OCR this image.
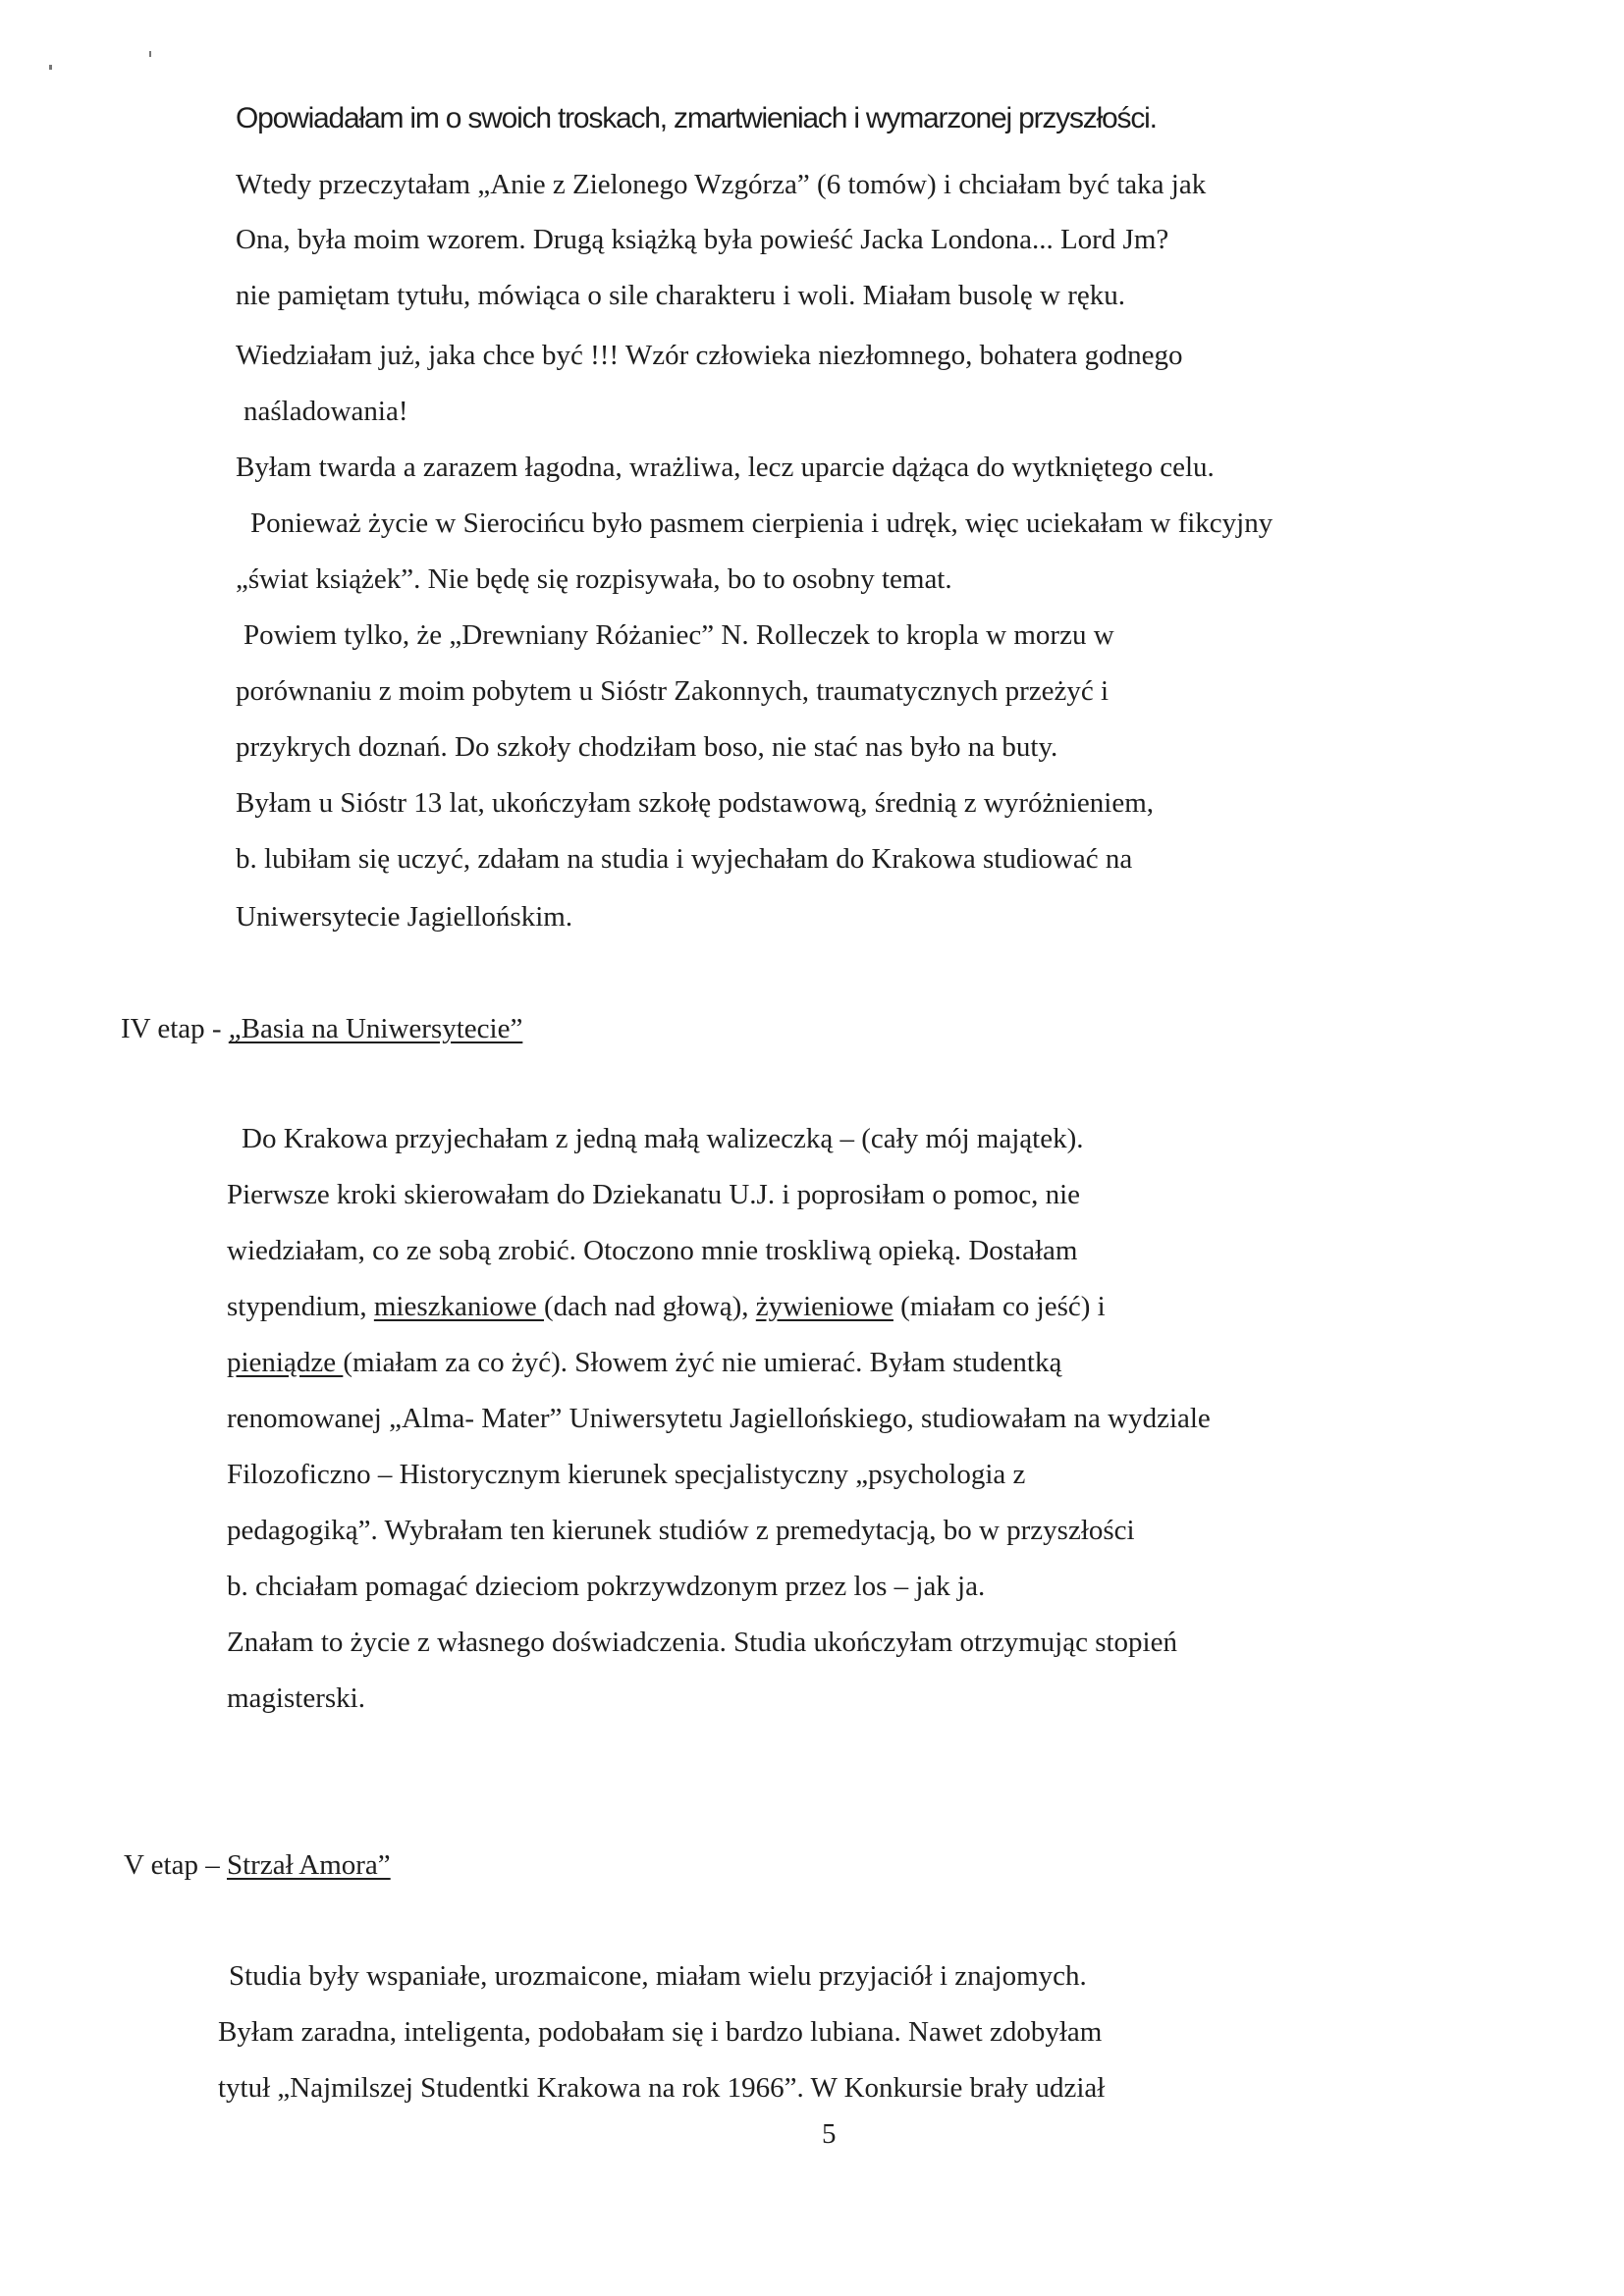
Opowiadałam im o swoich troskach, zmartwieniach i wymarzonej przyszłości.

Wtedy przeczytałam „Anie z Zielonego Wzgórza” (6 tomów) i chciałam być taka jak

Ona, była moim wzorem. Drugą książką była powieść Jacka Londona... Lord Jm?

nie pamiętam tytułu, mówiąca o sile charakteru i woli. Miałam busolę w ręku.

Wiedziałam już, jaka chce być !!! Wzór człowieka niezłomnego, bohatera godnego

naśladowania!

Byłam twarda a zarazem łagodna, wrażliwa, lecz uparcie dążąca do wytkniętego celu.

Ponieważ życie w Sierocińcu było pasmem cierpienia i udręk, więc uciekałam w fikcyjny

„świat książek”. Nie będę się rozpisywała, bo to osobny temat.

Powiem tylko, że „Drewniany Różaniec” N. Rolleczek to kropla w morzu w

porównaniu z moim pobytem u Sióstr Zakonnych, traumatycznych przeżyć i

przykrych doznań. Do szkoły chodziłam boso, nie stać nas było na buty.

Byłam u Sióstr 13 lat, ukończyłam szkołę podstawową, średnią z wyróżnieniem,

b. lubiłam się uczyć, zdałam na studia i wyjechałam do Krakowa studiować na

Uniwersytecie Jagiellońskim.

IV etap - „Basia na Uniwersytecie”

Do Krakowa przyjechałam z jedną małą walizeczką – (cały mój majątek).

Pierwsze kroki skierowałam do Dziekanatu U.J. i poprosiłam o pomoc, nie

wiedziałam, co ze sobą zrobić. Otoczono mnie troskliwą opieką. Dostałam

stypendium, mieszkaniowe (dach nad głową), żywieniowe (miałam co jeść) i

pieniądze (miałam za co żyć). Słowem żyć nie umierać. Byłam studentką

renomowanej „Alma- Mater” Uniwersytetu Jagiellońskiego, studiowałam na wydziale

Filozoficzno – Historycznym kierunek specjalistyczny „psychologia z

pedagogiką”. Wybrałam ten kierunek studiów z premedytacją, bo w przyszłości

b. chciałam pomagać dzieciom pokrzywdzonym przez los – jak ja.

Znałam to życie z własnego doświadczenia. Studia ukończyłam otrzymując stopień

magisterski.

V etap – Strzał Amora”

Studia były wspaniałe, urozmaicone, miałam wielu przyjaciół i znajomych.

Byłam zaradna, inteligenta, podobałam się i bardzo lubiana. Nawet zdobyłam

tytuł „Najmilszej Studentki Krakowa na rok 1966”. W Konkursie brały udział

5
